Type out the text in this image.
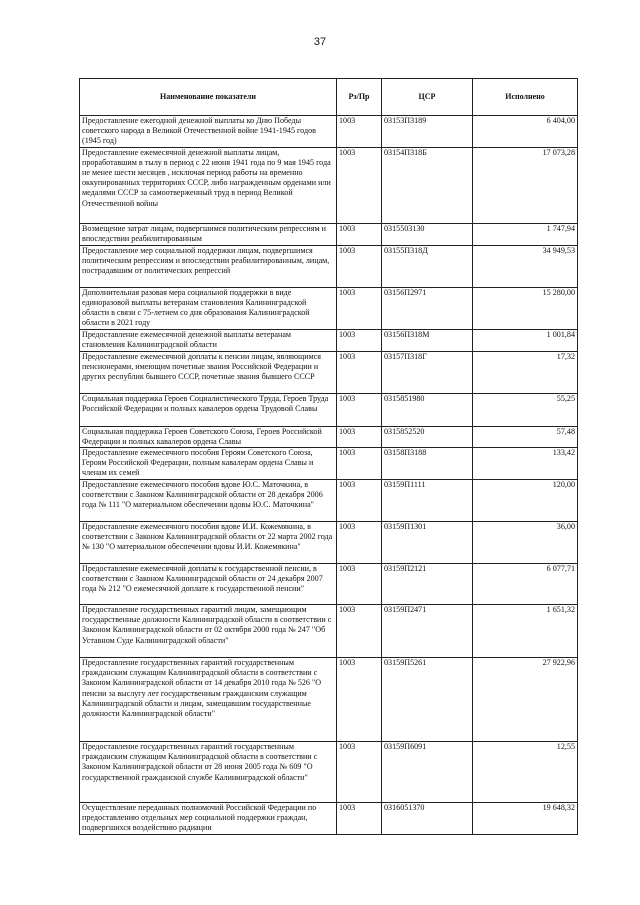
37
Наименование показатели	Рз/Пр	ЦСР	Исполнено
Предоставление ежегодной денежной выплаты ко Дню Победы советского народа в Великой Отечественной войне 1941-1945 годов (1945 год)	1003	03153П3189	6 404,00
Предоставление ежемесячной денежной выплаты лицам, проработавшим в тылу в период с 22 июня 1941 года по 9 мая 1945 года не менее шести месяцев , исключая период работы на временно оккупированных территориях СССР, либо награжденным орденами или медалями СССР за самоотверженный труд в период Великой Отечественной войны	1003	03154П318Б	17 073,28
Возмещение затрат лицам, подвергшимся политическим репрессиям и впоследствии реабилитированным	1003	0315503130	1 747,94
Предоставление мер социальной поддержки лицам, подвергшимся политическим репрессиям и впоследствии реабилитированным, лицам, пострадавшим от политических репрессий	1003	03155П318Д	34 949,53
Дополнительная разовая мера социальной поддержки в виде единоразовой выплаты ветеранам становления Калининградской области в связи с 75-летием со дня образования Калининградской области в 2021 году	1003	03156П2971	15 280,00
Предоставление ежемесячной денежной выплаты ветеранам становления Калининградской области	1003	03156П318М	1 001,84
Предоставление ежемесячной доплаты к пенсии лицам, являющимся пенсионерами, имеющим почетные звания Российской Федерации и других республик бывшего СССР, почетные звания бывшего СССР	1003	03157П318Г	17,32
Социальная поддержка Героев Социалистического Труда, Героев Труда Российской Федерации и полных кавалеров ордена Трудовой Славы	1003	0315851980	55,25
Социальная поддержка Героев Советского Союза, Героев Российской Федерации и полных кавалеров ордена Славы	1003	0315852520	57,48
Предоставление ежемесячного пособия Героям Советского Союза, Героям Российской Федерации, полным кавалерам ордена Славы и членам их семей	1003	03158П3188	133,42
Предоставление ежемесячного пособия вдове Ю.С. Маточкина, в соответствии с Законом Калининградской области от 28 декабря 2006 года № 111 "О материальном обеспечении вдовы Ю.С. Маточкина"	1003	03159П1111	120,00
Предоставление ежемесячного пособия вдове И.И. Кожемякина, в соответствии с Законом Калининградской области от 22 марта 2002 года № 130 "О материальном обеспечении вдовы И.И. Кожемякина"	1003	03159П1301	36,00
Предоставление ежемесячной доплаты к государственной пенсии, в соответствии с Законом Калининградской области от 24 декабря 2007 года № 212 "О ежемесячной доплате к государственной пенсии"	1003	03159П2121	6 077,71
Предоставление государственных гарантий лицам, замещающим государственные должности Калининградской области в соответствии с Законом Калининградской области от 02 октября 2000 года № 247 "Об Уставном Суде Калининградской области"	1003	03159П2471	1 651,32
Предоставление государственных гарантий государственным гражданским служащим Калининградской области в соответствии с Законом Калининградской области от 14 декабря 2010 года № 526 "О пенсии за выслугу лет государственным гражданским служащим Калининградской области и лицам, замещавшим государственные должности Калининградской области"	1003	03159П5261	27 922,96
Предоставление государственных гарантий государственным гражданским служащим Калининградской области в соответствии с Законом Калининградской области от 28 июня 2005 года № 609 "О государственной гражданской службе Калининградской области"	1003	03159П6091	12,55
Осуществление переданных полномочий Российской Федерации по предоставлению отдельных мер социальной поддержки граждан, подвергшихся воздействию радиации	1003	0316051370	19 648,32
